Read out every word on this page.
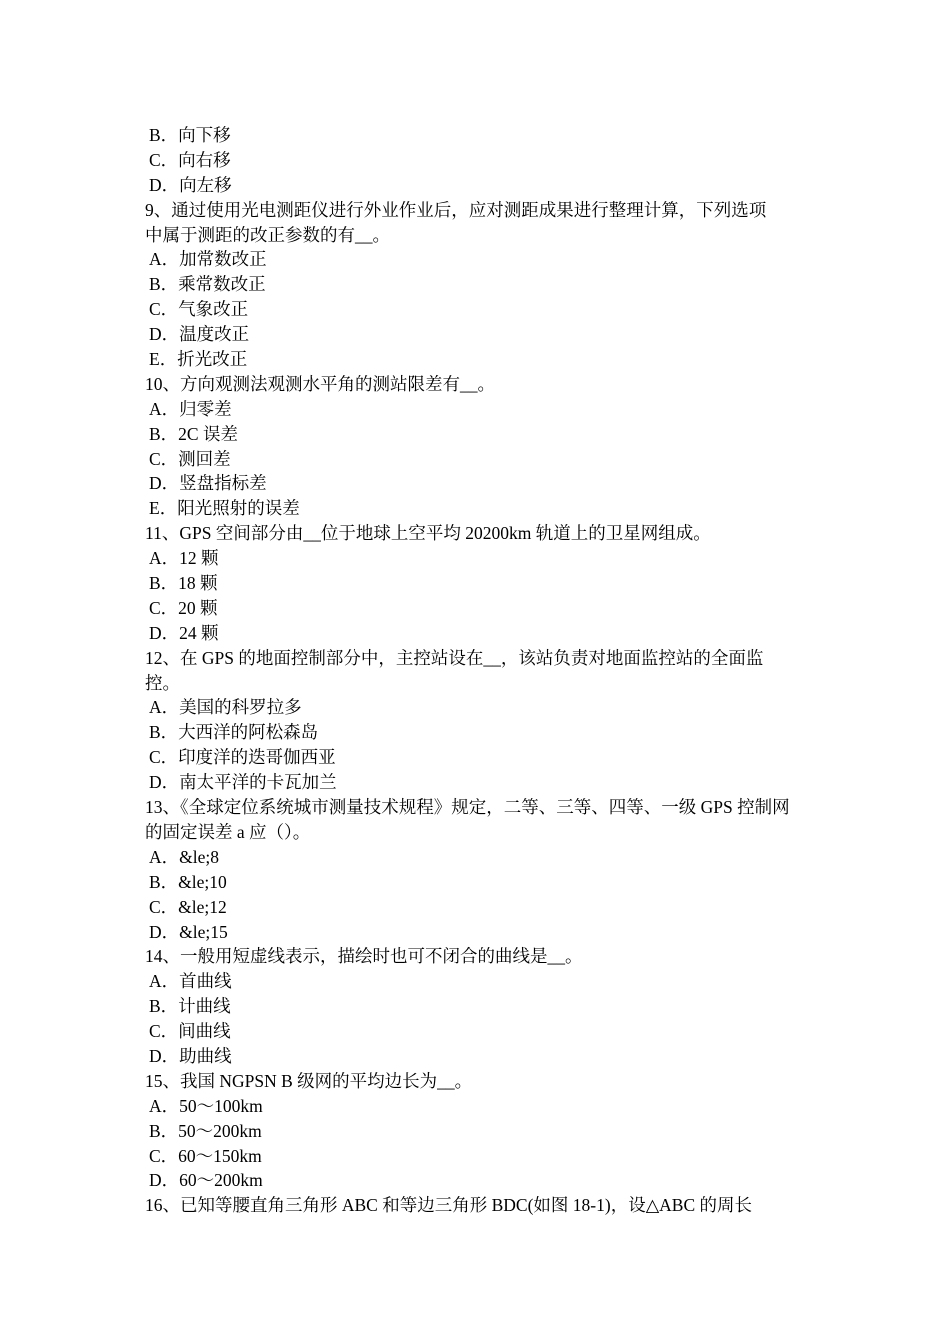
B．向下移
C．向右移
D．向左移
9、通过使用光电测距仪进行外业作业后，应对测距成果进行整理计算，下列选项
中属于测距的改正参数的有__。
A．加常数改正
B．乘常数改正
C．气象改正
D．温度改正
E．折光改正
10、方向观测法观测水平角的测站限差有__。
A．归零差
B．2C 误差
C．测回差
D．竖盘指标差
E．阳光照射的误差
11、GPS 空间部分由__位于地球上空平均 20200km 轨道上的卫星网组成。
A．12 颗
B．18 颗
C．20 颗
D．24 颗
12、在 GPS 的地面控制部分中，主控站设在__，该站负责对地面监控站的全面监
控。
A．美国的科罗拉多
B．大西洋的阿松森岛
C．印度洋的迭哥伽西亚
D．南太平洋的卡瓦加兰
13、《全球定位系统城市测量技术规程》规定，二等、三等、四等、一级 GPS 控制网
的固定误差 a 应（）。
A．&le;8
B．&le;10
C．&le;12
D．&le;15
14、一般用短虚线表示，描绘时也可不闭合的曲线是__。
A．首曲线
B．计曲线
C．间曲线
D．助曲线
15、我国 NGPSN B 级网的平均边长为__。
A．50～100km
B．50～200km
C．60～150km
D．60～200km
16、已知等腰直角三角形 ABC 和等边三角形 BDC(如图 18-1)，设△ABC 的周长
